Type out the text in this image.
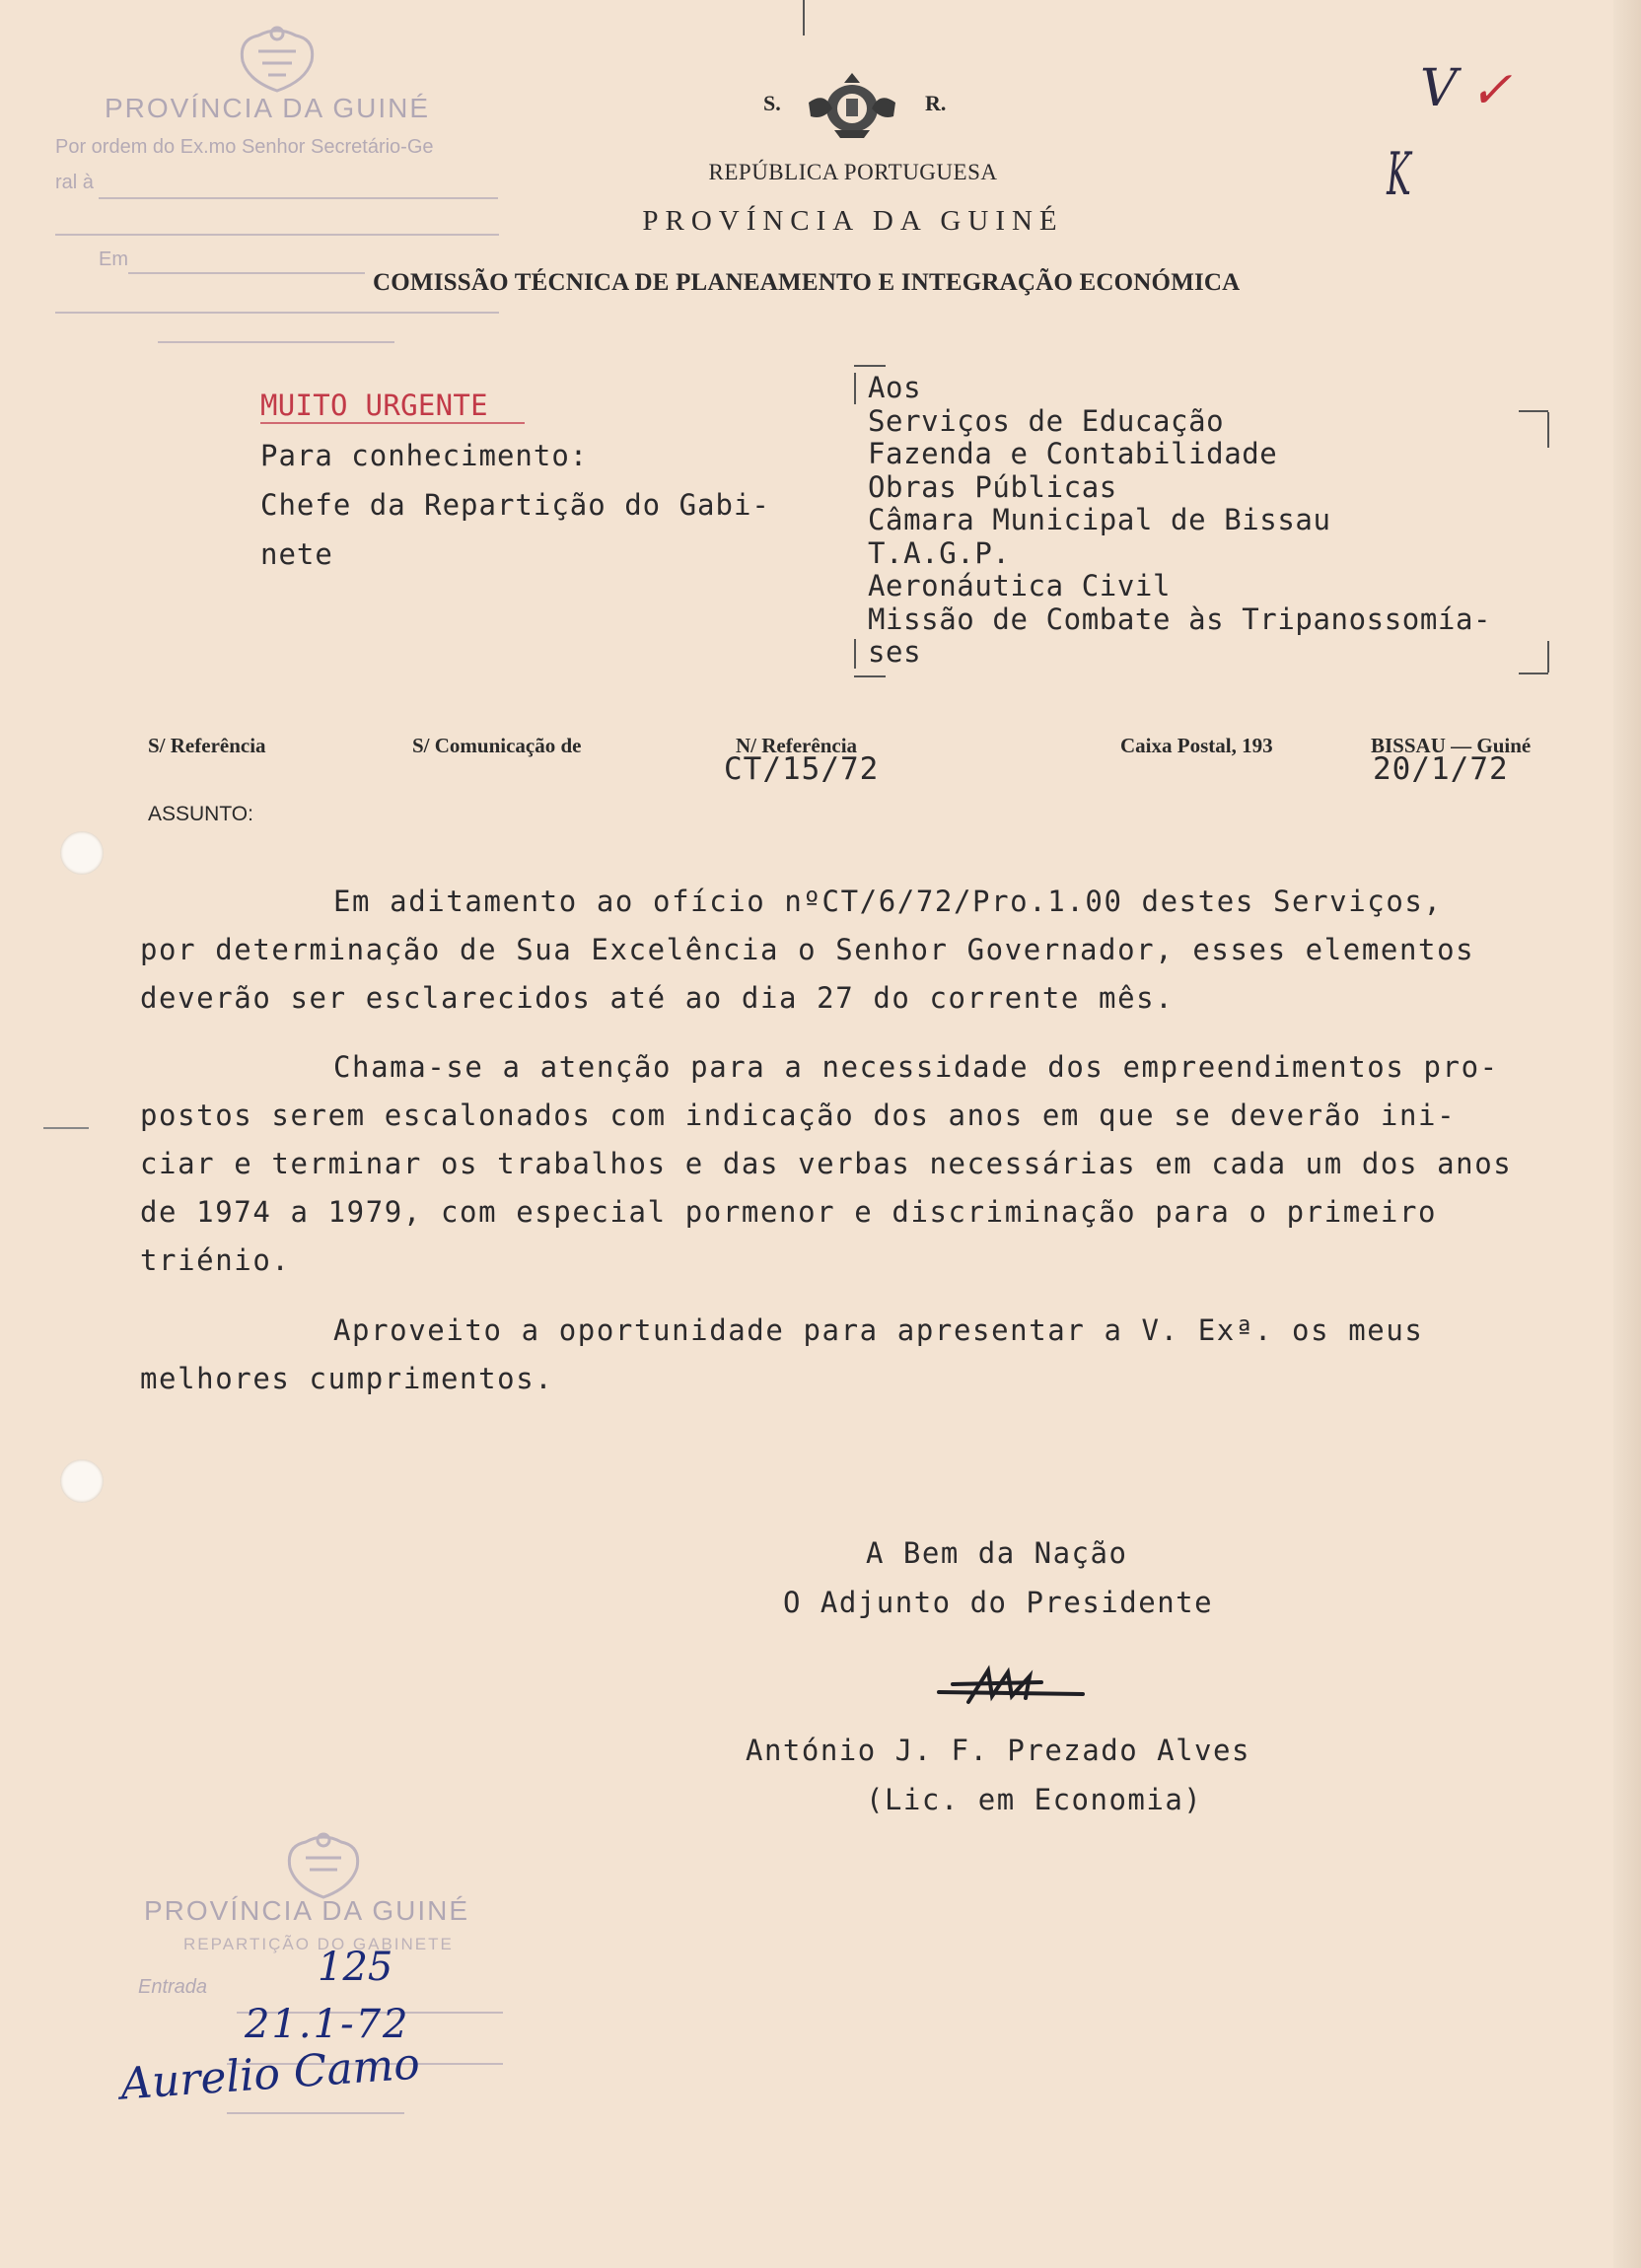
PROVÍNCIA DA GUINÉ
Por ordem do Ex.mo Senhor Secretário-Ge
ral à
Em
S.	R.
REPÚBLICA PORTUGUESA
PROVÍNCIA DA GUINÉ
COMISSÃO TÉCNICA DE PLANEAMENTO E INTEGRAÇÃO ECONÓMICA
V ✓
K
MUITO URGENTE
Para conhecimento:
Chefe da Repartição do Gabi-
nete
Aos
Serviços de Educação
Fazenda e Contabilidade
Obras Públicas
Câmara Municipal de Bissau
T.A.G.P.
Aeronáutica Civil
Missão de Combate às Tripanossomía-
ses
S/ Referência	S/ Comunicação de	N/ Referência
CT/15/72
Caixa Postal, 193	BISSAU — Guiné
20/1/72
ASSUNTO:
Em aditamento ao ofício nºCT/6/72/Pro.1.00 destes Serviços,
por determinação de Sua Excelência o Senhor Governador, esses elementos
deverão ser esclarecidos até ao dia 27 do corrente mês.
Chama-se a atenção para a necessidade dos empreendimentos pro-
postos serem escalonados com indicação dos anos em que se deverão ini-
ciar e terminar os trabalhos e das verbas necessárias em cada um dos anos
de 1974 a 1979, com especial pormenor e discriminação para o primeiro
triénio.
Aproveito a oportunidade para apresentar a V. Exª. os meus
melhores cumprimentos.
A Bem da Nação
O Adjunto do Presidente
António J. F. Prezado Alves
(Lic. em Economia)
PROVÍNCIA DA GUINÉ
REPARTIÇÃO DO GABINETE
Entrada	125
21.1-72
Aurelio Camo
